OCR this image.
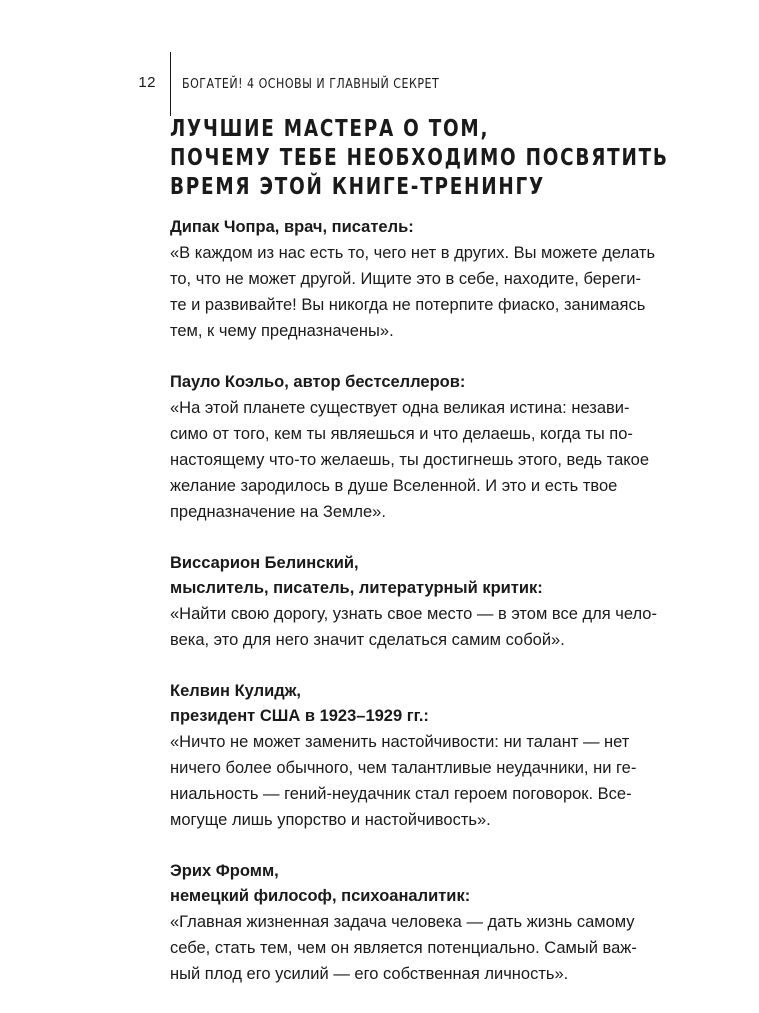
12 БОГАТЕЙ! 4 ОСНОВЫ И ГЛАВНЫЙ СЕКРЕТ
ЛУЧШИЕ МАСТЕРА О ТОМ,
ПОЧЕМУ ТЕБЕ НЕОБХОДИМО ПОСВЯТИТЬ
ВРЕМЯ ЭТОЙ КНИГЕ-ТРЕНИНГУ
Дипак Чопра, врач, писатель:

«В каждом из нас есть то, чего нет в других. Вы можете делать
то, что не может другой. Ищите это в себе, находите, береги-
те и развивайте! Вы никогда не потерпите фиаско, занимаясь
тем, к чему предназначены».

Пауло Коэльо, автор бестселлеров:

«На этой планете существует одна великая истина: незави-
симо от того, кем ты являешься и что делаешь, когда ты по-
настоящему что-то желаешь, ты достигнешь этого, ведь такое
желание зародилось в душе Вселенной. И это и есть твое
предназначение на Земле».

Виссарион Белинский,
мыслитель, писатель, литературный критик:

«Найти свою дорогу, узнать свое место — в этом все для чело-
века, это для него значит сделаться самим собой».

Келвин Кулидж,
президент США в 1923–1929 гг.:

«Ничто не может заменить настойчивости: ни талант — нет
ничего более обычного, чем талантливые неудачники, ни ге-
ниальность — гений-неудачник стал героем поговорок. Все-
могуще лишь упорство и настойчивость».

Эрих Фромм,
немецкий философ, психоаналитик:

«Главная жизненная задача человека — дать жизнь самому
себе, стать тем, чем он является потенциально. Самый важ-
ный плод его усилий — его собственная личность».
